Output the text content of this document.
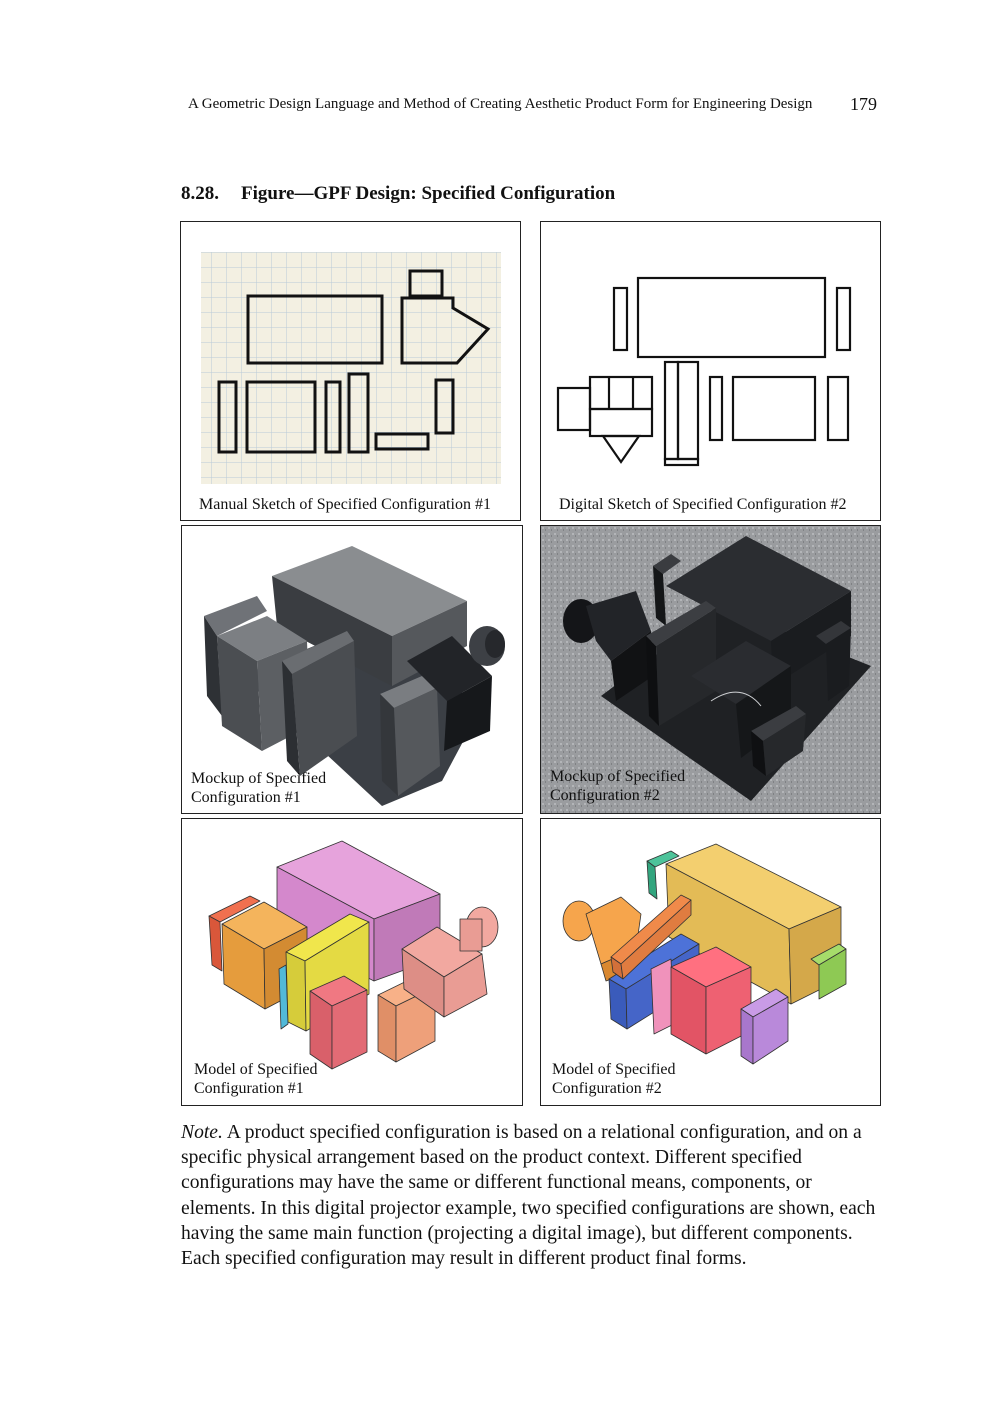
A Geometric Design Language and Method of Creating Aesthetic Product Form for Engineering Design 179
8.28. Figure—GPF Design: Specified Configuration
Manual Sketch of Specified Configuration #1	Digital Sketch of Specified Configuration #2
Mockup of Specified
Configuration #1
Mockup of Specified
Configuration #2
Model of Specified
Configuration #1
Model of Specified
Configuration #2
Note. A product specified configuration is based on a relational configuration, and on a specific physical arrangement based on the product context. Different specified configurations may have the same or different functional means, components, or elements. In this digital projector example, two specified configurations are shown, each having the same main function (projecting a digital image), but different components. Each specified configuration may result in different product final forms.
